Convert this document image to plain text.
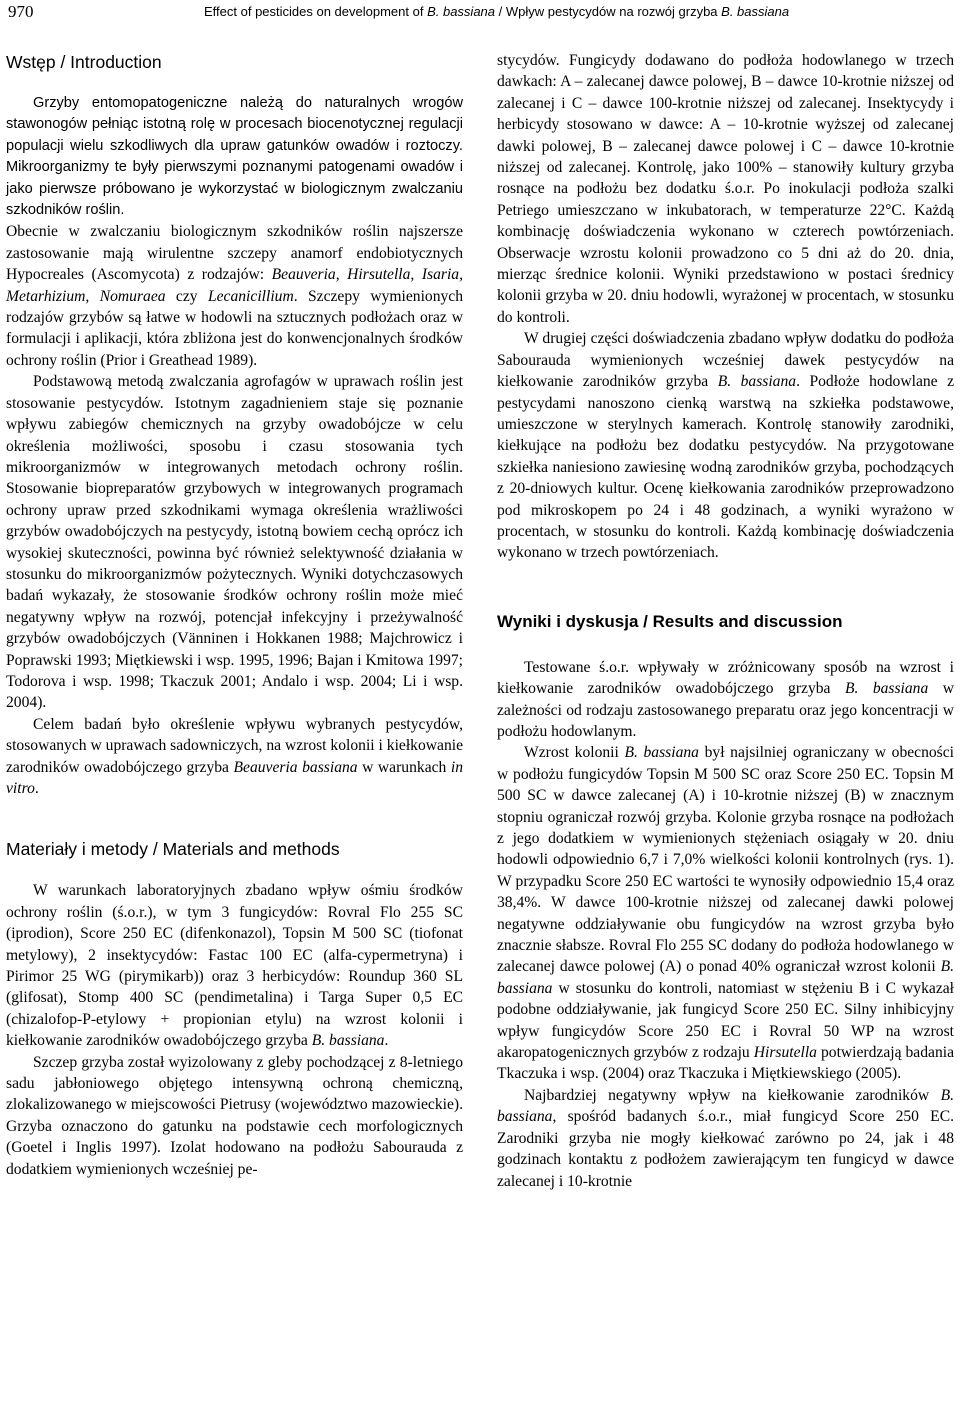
970	Effect of pesticides on development of B. bassiana / Wpływ pestycydów na rozwój grzyba B. bassiana
Wstęp / Introduction

Grzyby entomopatogeniczne należą do naturalnych wrogów stawonogów pełniąc istotną rolę w procesach biocenotycznej regulacji populacji wielu szkodliwych dla upraw gatunków owadów i roztoczy. Mikroorganizmy te były pierwszymi poznanymi patogenami owadów i jako pierwsze próbowano je wykorzystać w biologicznym zwalczaniu szkodników roślin.

Obecnie w zwalczaniu biologicznym szkodników roślin najszersze zastosowanie mają wirulentne szczepy anamorf endobiotycznych Hypocreales (Ascomycota) z rodzajów: Beauveria, Hirsutella, Isaria, Metarhizium, Nomuraea czy Lecanicillium. Szczepy wymienionych rodzajów grzybów są łatwe w hodowli na sztucznych podłożach oraz w formulacji i aplikacji, która zbliżona jest do konwencjonalnych środków ochrony roślin (Prior i Greathead 1989).

Podstawową metodą zwalczania agrofagów w uprawach roślin jest stosowanie pestycydów. Istotnym zagadnieniem staje się poznanie wpływu zabiegów chemicznych na grzyby owadobójcze w celu określenia możliwości, sposobu i czasu stosowania tych mikroorganizmów w integrowanych metodach ochrony roślin. Stosowanie biopreparatów grzybowych w integrowanych programach ochrony upraw przed szkodnikami wymaga określenia wrażliwości grzybów owadobójczych na pestycydy, istotną bowiem cechą oprócz ich wysokiej skuteczności, powinna być również selektywność działania w stosunku do mikroorganizmów pożytecznych. Wyniki dotychczasowych badań wykazały, że stosowanie środków ochrony roślin może mieć negatywny wpływ na rozwój, potencjał infekcyjny i przeżywalność grzybów owadobójczych (Vänninen i Hokkanen 1988; Majchrowicz i Poprawski 1993; Miętkiewski i wsp. 1995, 1996; Bajan i Kmitowa 1997; Todorova i wsp. 1998; Tkaczuk 2001; Andalo i wsp. 2004; Li i wsp. 2004).

Celem badań było określenie wpływu wybranych pestycydów, stosowanych w uprawach sadowniczych, na wzrost kolonii i kiełkowanie zarodników owadobójczego grzyba Beauveria bassiana w warunkach in vitro.

Materiały i metody / Materials and methods

W warunkach laboratoryjnych zbadano wpływ ośmiu środków ochrony roślin (ś.o.r.), w tym 3 fungicydów: Rovral Flo 255 SC (iprodion), Score 250 EC (difenkonazol), Topsin M 500 SC (tiofonat metylowy), 2 insektycydów: Fastac 100 EC (alfa-cypermetryna) i Pirimor 25 WG (pirymikarb)) oraz 3 herbicydów: Roundup 360 SL (glifosat), Stomp 400 SC (pendimetalina) i Targa Super 0,5 EC (chizalofop-P-etylowy + propionian etylu) na wzrost kolonii i kiełkowanie zarodników owadobójczego grzyba B. bassiana.

Szczep grzyba został wyizolowany z gleby pochodzącej z 8-letniego sadu jabłoniowego objętego intensywną ochroną chemiczną, zlokalizowanego w miejscowości Pietrusy (województwo mazowieckie). Grzyba oznaczono do gatunku na podstawie cech morfologicznych (Goetel i Inglis 1997). Izolat hodowano na podłożu Sabourauda z dodatkiem wymienionych wcześniej pe-

stycydów. Fungicydy dodawano do podłoża hodowlanego w trzech dawkach: A – zalecanej dawce polowej, B – dawce 10-krotnie niższej od zalecanej i C – dawce 100-krotnie niższej od zalecanej. Insektycydy i herbicydy stosowano w dawce: A – 10-krotnie wyższej od zalecanej dawki polowej, B – zalecanej dawce polowej i C – dawce 10-krotnie niższej od zalecanej. Kontrolę, jako 100% – stanowiły kultury grzyba rosnące na podłożu bez dodatku ś.o.r. Po inokulacji podłoża szalki Petriego umieszczano w inkubatorach, w temperaturze 22°C. Każdą kombinację doświadczenia wykonano w czterech powtórzeniach. Obserwacje wzrostu kolonii prowadzono co 5 dni aż do 20. dnia, mierząc średnice kolonii. Wyniki przedstawiono w postaci średnicy kolonii grzyba w 20. dniu hodowli, wyrażonej w procentach, w stosunku do kontroli.

W drugiej części doświadczenia zbadano wpływ dodatku do podłoża Sabourauda wymienionych wcześniej dawek pestycydów na kiełkowanie zarodników grzyba B. bassiana. Podłoże hodowlane z pestycydami nanoszono cienką warstwą na szkiełka podstawowe, umieszczone w sterylnych kamerach. Kontrolę stanowiły zarodniki, kiełkujące na podłożu bez dodatku pestycydów. Na przygotowane szkiełka naniesiono zawiesinę wodną zarodników grzyba, pochodzących z 20-dniowych kultur. Ocenę kiełkowania zarodników przeprowadzono pod mikroskopem po 24 i 48 godzinach, a wyniki wyrażono w procentach, w stosunku do kontroli. Każdą kombinację doświadczenia wykonano w trzech powtórzeniach.

Wyniki i dyskusja / Results and discussion

Testowane ś.o.r. wpływały w zróżnicowany sposób na wzrost i kiełkowanie zarodników owadobójczego grzyba B. bassiana w zależności od rodzaju zastosowanego preparatu oraz jego koncentracji w podłożu hodowlanym.

Wzrost kolonii B. bassiana był najsilniej ograniczany w obecności w podłożu fungicydów Topsin M 500 SC oraz Score 250 EC. Topsin M 500 SC w dawce zalecanej (A) i 10-krotnie niższej (B) w znacznym stopniu ograniczał rozwój grzyba. Kolonie grzyba rosnące na podłożach z jego dodatkiem w wymienionych stężeniach osiągały w 20. dniu hodowli odpowiednio 6,7 i 7,0% wielkości kolonii kontrolnych (rys. 1). W przypadku Score 250 EC wartości te wynosiły odpowiednio 15,4 oraz 38,4%. W dawce 100-krotnie niższej od zalecanej dawki polowej negatywne oddziaływanie obu fungicydów na wzrost grzyba było znacznie słabsze. Rovral Flo 255 SC dodany do podłoża hodowlanego w zalecanej dawce polowej (A) o ponad 40% ograniczał wzrost kolonii B. bassiana w stosunku do kontroli, natomiast w stężeniu B i C wykazał podobne oddziaływanie, jak fungicyd Score 250 EC. Silny inhibicyjny wpływ fungicydów Score 250 EC i Rovral 50 WP na wzrost akaropatogenicznych grzybów z rodzaju Hirsutella potwierdzają badania Tkaczuka i wsp. (2004) oraz Tkaczuka i Miętkiewskiego (2005).

Najbardziej negatywny wpływ na kiełkowanie zarodników B. bassiana, spośród badanych ś.o.r., miał fungicyd Score 250 EC. Zarodniki grzyba nie mogły kiełkować zarówno po 24, jak i 48 godzinach kontaktu z podłożem zawierającym ten fungicyd w dawce zalecanej i 10-krotnie
